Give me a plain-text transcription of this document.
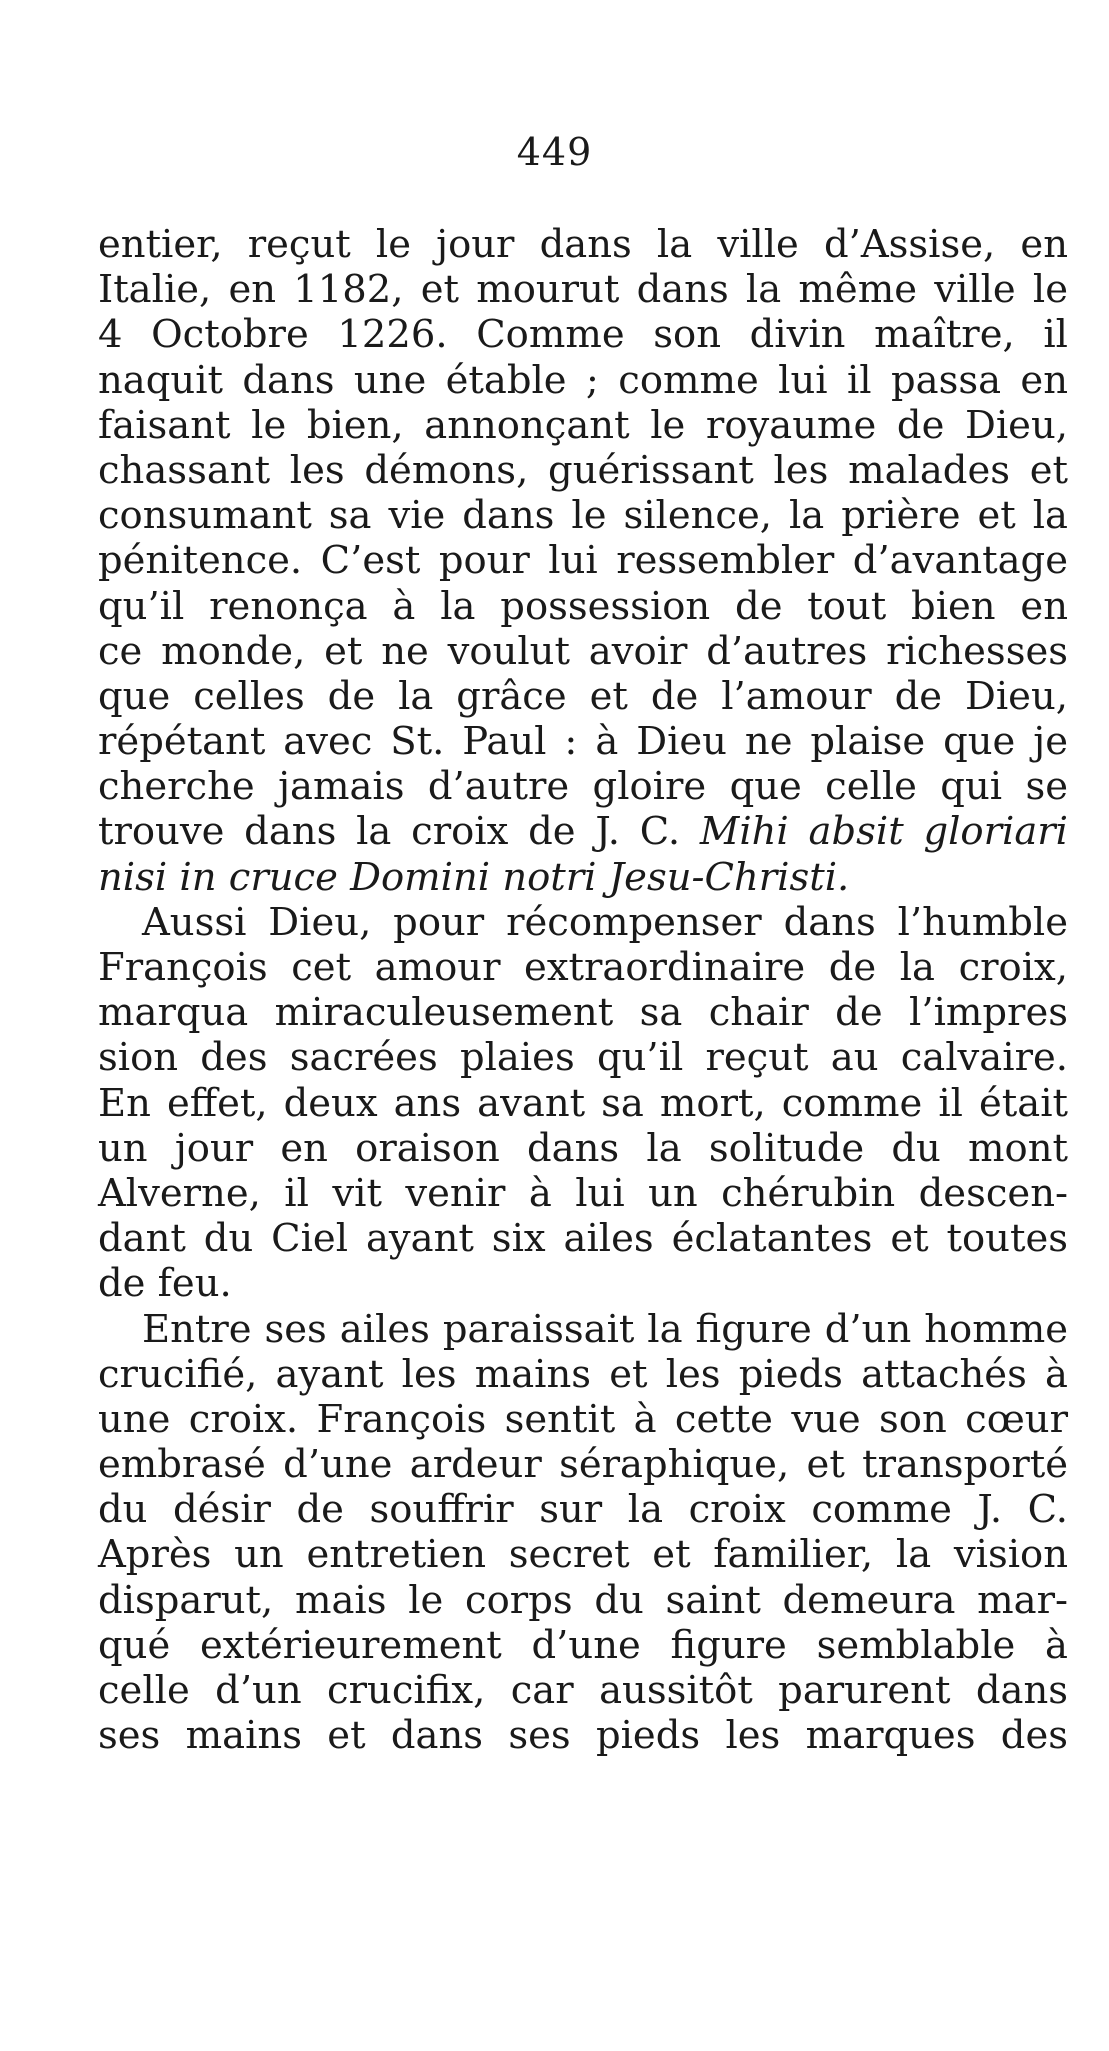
449
entier, reçut le jour dans la ville d’Assise, en
Italie, en 1182, et mourut dans la même ville le
4 Octobre 1226. Comme son divin maître, il
naquit dans une étable ; comme lui il passa en
faisant le bien, annonçant le royaume de Dieu,
chassant les démons, guérissant les malades et
consumant sa vie dans le silence, la prière et la
pénitence. C’est pour lui ressembler d’avantage
qu’il renonça à la possession de tout bien en
ce monde, et ne voulut avoir d’autres richesses
que celles de la grâce et de l’amour de Dieu,
répétant avec St. Paul : à Dieu ne plaise que je
cherche jamais d’autre gloire que celle qui se
trouve dans la croix de J. C. Mihi absit gloriari
nisi in cruce Domini notri Jesu-Christi.
Aussi Dieu, pour récompenser dans l’humble
François cet amour extraordinaire de la croix,
marqua miraculeusement sa chair de l’impres
sion des sacrées plaies qu’il reçut au calvaire.
En effet, deux ans avant sa mort, comme il était
un jour en oraison dans la solitude du mont
Alverne, il vit venir à lui un chérubin descen-
dant du Ciel ayant six ailes éclatantes et toutes
de feu.
Entre ses ailes paraissait la figure d’un homme
crucifié, ayant les mains et les pieds attachés à
une croix. François sentit à cette vue son cœur
embrasé d’une ardeur séraphique, et transporté
du désir de souffrir sur la croix comme J. C.
Après un entretien secret et familier, la vision
disparut, mais le corps du saint demeura mar-
qué extérieurement d’une figure semblable à
celle d’un crucifix, car aussitôt parurent dans
ses mains et dans ses pieds les marques des
